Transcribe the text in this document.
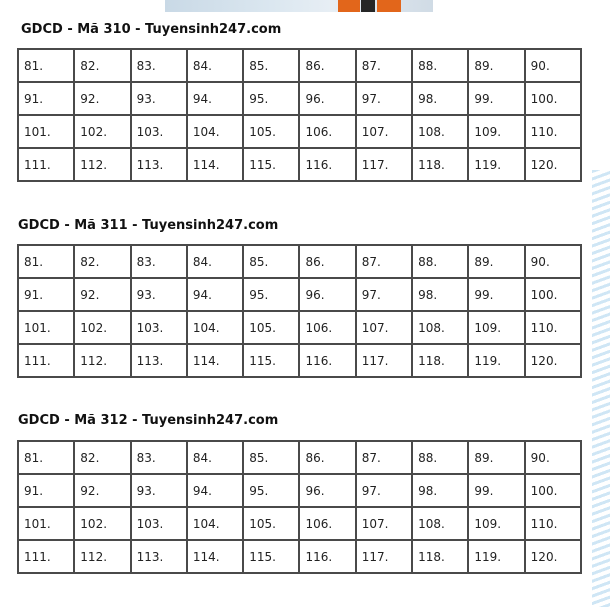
GDCD - Mã 310 - Tuyensinh247.com
81.	82.	83.	84.	85.	86.	87.	88.	89.	90.
91.	92.	93.	94.	95.	96.	97.	98.	99.	100.
101.	102.	103.	104.	105.	106.	107.	108.	109.	110.
111.	112.	113.	114.	115.	116.	117.	118.	119.	120.
GDCD - Mã 311 - Tuyensinh247.com
81.	82.	83.	84.	85.	86.	87.	88.	89.	90.
91.	92.	93.	94.	95.	96.	97.	98.	99.	100.
101.	102.	103.	104.	105.	106.	107.	108.	109.	110.
111.	112.	113.	114.	115.	116.	117.	118.	119.	120.
GDCD - Mã 312 - Tuyensinh247.com
81.	82.	83.	84.	85.	86.	87.	88.	89.	90.
91.	92.	93.	94.	95.	96.	97.	98.	99.	100.
101.	102.	103.	104.	105.	106.	107.	108.	109.	110.
111.	112.	113.	114.	115.	116.	117.	118.	119.	120.
